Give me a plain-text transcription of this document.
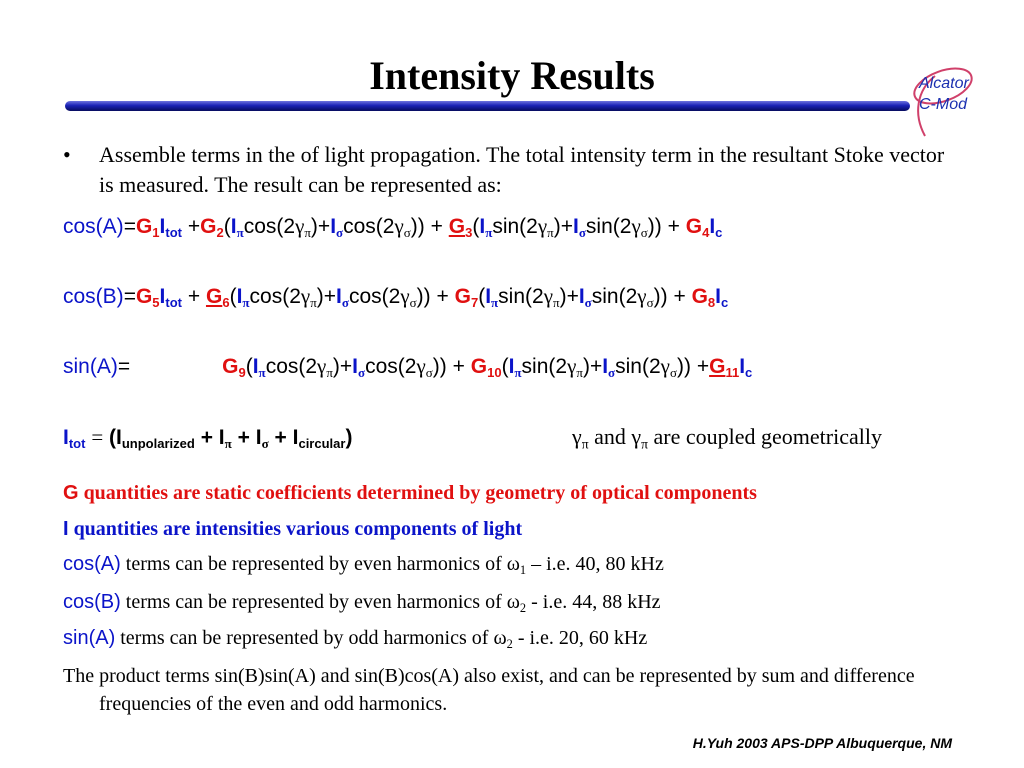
Intensity Results	Alcator
C-Mod
•	Assemble terms in the of light propagation. The total intensity term in the resultant Stoke vector is measured. The result can be represented as:
$\cos(A)=G_1I_{tot} +G_2(I_\pi\cos(2\gamma_\pi)+I_\sigma\cos(2\gamma_\sigma)) + G_3(I_\pi\sin(2\gamma_\pi)+I_\sigma\sin(2\gamma_\sigma)) + G_4I_c$
$\cos(B)=G_5I_{tot} + G_6(I_\pi\cos(2\gamma_\pi)+I_\sigma\cos(2\gamma_\sigma)) + G_7(I_\pi\sin(2\gamma_\pi)+I_\sigma\sin(2\gamma_\sigma)) + G_8I_c$
sin(A)=	$G_9(I_\pi\cos(2\gamma_\pi)+I_\sigma\cos(2\gamma_\sigma)) + G_{10}(I_\pi\sin(2\gamma_\pi)+I_\sigma\sin(2\gamma_\sigma)) +G_{11}I_c$
$I_{tot} = (I_{unpolarized} + I_\pi + I_\sigma + I_{circular})$	$\gamma_\pi$ and $\gamma_\pi$ are coupled geometrically
G quantities are static coefficients determined by geometry of optical components
I quantities are intensities various components of light
cos(A) terms can be represented by even harmonics of $\omega_1 - i.e$. 40, 80 kHz
cos(B) terms can be represented by even harmonics of $\omega_2 - i.e$. 44, 88 kHz
sin(A) terms can be represented by odd harmonics of $\omega_2 - i.e$. 20, 60 kHz
The product terms sin(B)sin(A) and sin(B)cos(A) also exist, and can be represented by sum and difference frequencies of the even and odd harmonics.
H.Yuh 2003 APS-DPP Albuquerque, NM
